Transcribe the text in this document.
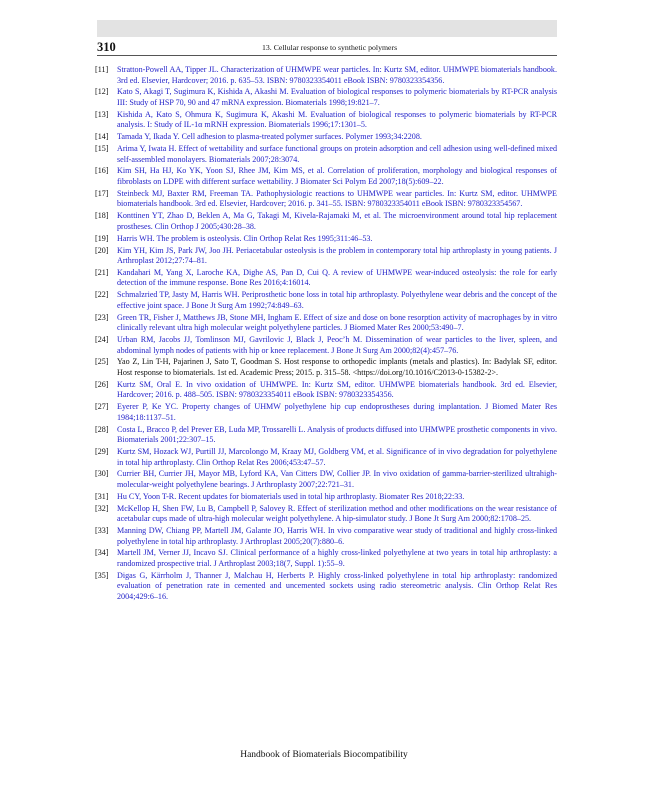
310	13. Cellular response to synthetic polymers
[11]	Stratton-Powell AA, Tipper JL. Characterization of UHMWPE wear particles. In: Kurtz SM, editor. UHMWPE biomaterials handbook. 3rd ed. Elsevier, Hardcover; 2016. p. 635–53. ISBN: 9780323354011 eBook ISBN: 9780323354356.
[12]	Kato S, Akagi T, Sugimura K, Kishida A, Akashi M. Evaluation of biological responses to polymeric biomaterials by RT-PCR analysis III: Study of HSP 70, 90 and 47 mRNA expression. Biomaterials 1998;19:821–7.
[13]	Kishida A, Kato S, Ohmura K, Sugimura K, Akashi M. Evaluation of biological responses to polymeric biomaterials by RT-PCR analysis. I: Study of IL-1α mRNH expression. Biomaterials 1996;17:1301–5.
[14]	Tamada Y, Ikada Y. Cell adhesion to plasma-treated polymer surfaces. Polymer 1993;34:2208.
[15]	Arima Y, Iwata H. Effect of wettability and surface functional groups on protein adsorption and cell adhesion using well-defined mixed self-assembled monolayers. Biomaterials 2007;28:3074.
[16]	Kim SH, Ha HJ, Ko YK, Yoon SJ, Rhee JM, Kim MS, et al. Correlation of proliferation, morphology and biological responses of fibroblasts on LDPE with different surface wettability. J Biomater Sci Polym Ed 2007;18(5):609–22.
[17]	Steinbeck MJ, Baxter RM, Freeman TA. Pathophysiologic reactions to UHMWPE wear particles. In: Kurtz SM, editor. UHMWPE biomaterials handbook. 3rd ed. Elsevier, Hardcover; 2016. p. 341–55. ISBN: 9780323354011 eBook ISBN: 9780323354567.
[18]	Konttinen YT, Zhao D, Beklen A, Ma G, Takagi M, Kivela-Rajamaki M, et al. The microenvironment around total hip replacement prostheses. Clin Orthop J 2005;430:28–38.
[19]	Harris WH. The problem is osteolysis. Clin Orthop Relat Res 1995;311:46–53.
[20]	Kim YH, Kim JS, Park JW, Joo JH. Periacetabular osteolysis is the problem in contemporary total hip arthroplasty in young patients. J Arthroplast 2012;27:74–81.
[21]	Kandahari M, Yang X, Laroche KA, Dighe AS, Pan D, Cui Q. A review of UHMWPE wear-induced osteolysis: the role for early detection of the immune response. Bone Res 2016;4:16014.
[22]	Schmalzried TP, Jasty M, Harris WH. Periprosthetic bone loss in total hip arthroplasty. Polyethylene wear debris and the concept of the effective joint space. J Bone Jt Surg Am 1992;74:849–63.
[23]	Green TR, Fisher J, Matthews JB, Stone MH, Ingham E. Effect of size and dose on bone resorption activity of macrophages by in vitro clinically relevant ultra high molecular weight polyethylene particles. J Biomed Mater Res 2000;53:490–7.
[24]	Urban RM, Jacobs JJ, Tomlinson MJ, Gavrilovic J, Black J, Peoc’h M. Dissemination of wear particles to the liver, spleen, and abdominal lymph nodes of patients with hip or knee replacement. J Bone Jt Surg Am 2000;82(4):457–76.
[25]	Yao Z, Lin T-H, Pajarinen J, Sato T, Goodman S. Host response to orthopedic implants (metals and plastics). In: Badylak SF, editor. Host response to biomaterials. 1st ed. Academic Press; 2015. p. 315–58. <https://doi.org/10.1016/C2013-0-15382-2>.
[26]	Kurtz SM, Oral E. In vivo oxidation of UHMWPE. In: Kurtz SM, editor. UHMWPE biomaterials handbook. 3rd ed. Elsevier, Hardcover; 2016. p. 488–505. ISBN: 9780323354011 eBook ISBN: 9780323354356.
[27]	Eyerer P, Ke YC. Property changes of UHMW polyethylene hip cup endoprostheses during implantation. J Biomed Mater Res 1984;18:1137–51.
[28]	Costa L, Bracco P, del Prever EB, Luda MP, Trossarelli L. Analysis of products diffused into UHMWPE prosthetic components in vivo. Biomaterials 2001;22:307–15.
[29]	Kurtz SM, Hozack WJ, Purtill JJ, Marcolongo M, Kraay MJ, Goldberg VM, et al. Significance of in vivo degradation for polyethylene in total hip arthroplasty. Clin Orthop Relat Res 2006;453:47–57.
[30]	Currier BH, Currier JH, Mayor MB, Lyford KA, Van Citters DW, Collier JP. In vivo oxidation of gamma-barrier-sterilized ultrahigh-molecular-weight polyethylene bearings. J Arthroplasty 2007;22:721–31.
[31]	Hu CY, Yoon T-R. Recent updates for biomaterials used in total hip arthroplasty. Biomater Res 2018;22:33.
[32]	McKellop H, Shen FW, Lu B, Campbell P, Salovey R. Effect of sterilization method and other modifications on the wear resistance of acetabular cups made of ultra-high molecular weight polyethylene. A hip-simulator study. J Bone Jt Surg Am 2000;82:1708–25.
[33]	Manning DW, Chiang PP, Martell JM, Galante JO, Harris WH. In vivo comparative wear study of traditional and highly cross-linked polyethylene in total hip arthroplasty. J Arthroplast 2005;20(7):880–6.
[34]	Martell JM, Verner JJ, Incavo SJ. Clinical performance of a highly cross-linked polyethylene at two years in total hip arthroplasty: a randomized prospective trial. J Arthroplast 2003;18(7, Suppl. 1):55–9.
[35]	Digas G, Kärrholm J, Thanner J, Malchau H, Herberts P. Highly cross-linked polyethylene in total hip arthroplasty: randomized evaluation of penetration rate in cemented and uncemented sockets using radio stereometric analysis. Clin Orthop Relat Res 2004;429:6–16.
Handbook of Biomaterials Biocompatibility
